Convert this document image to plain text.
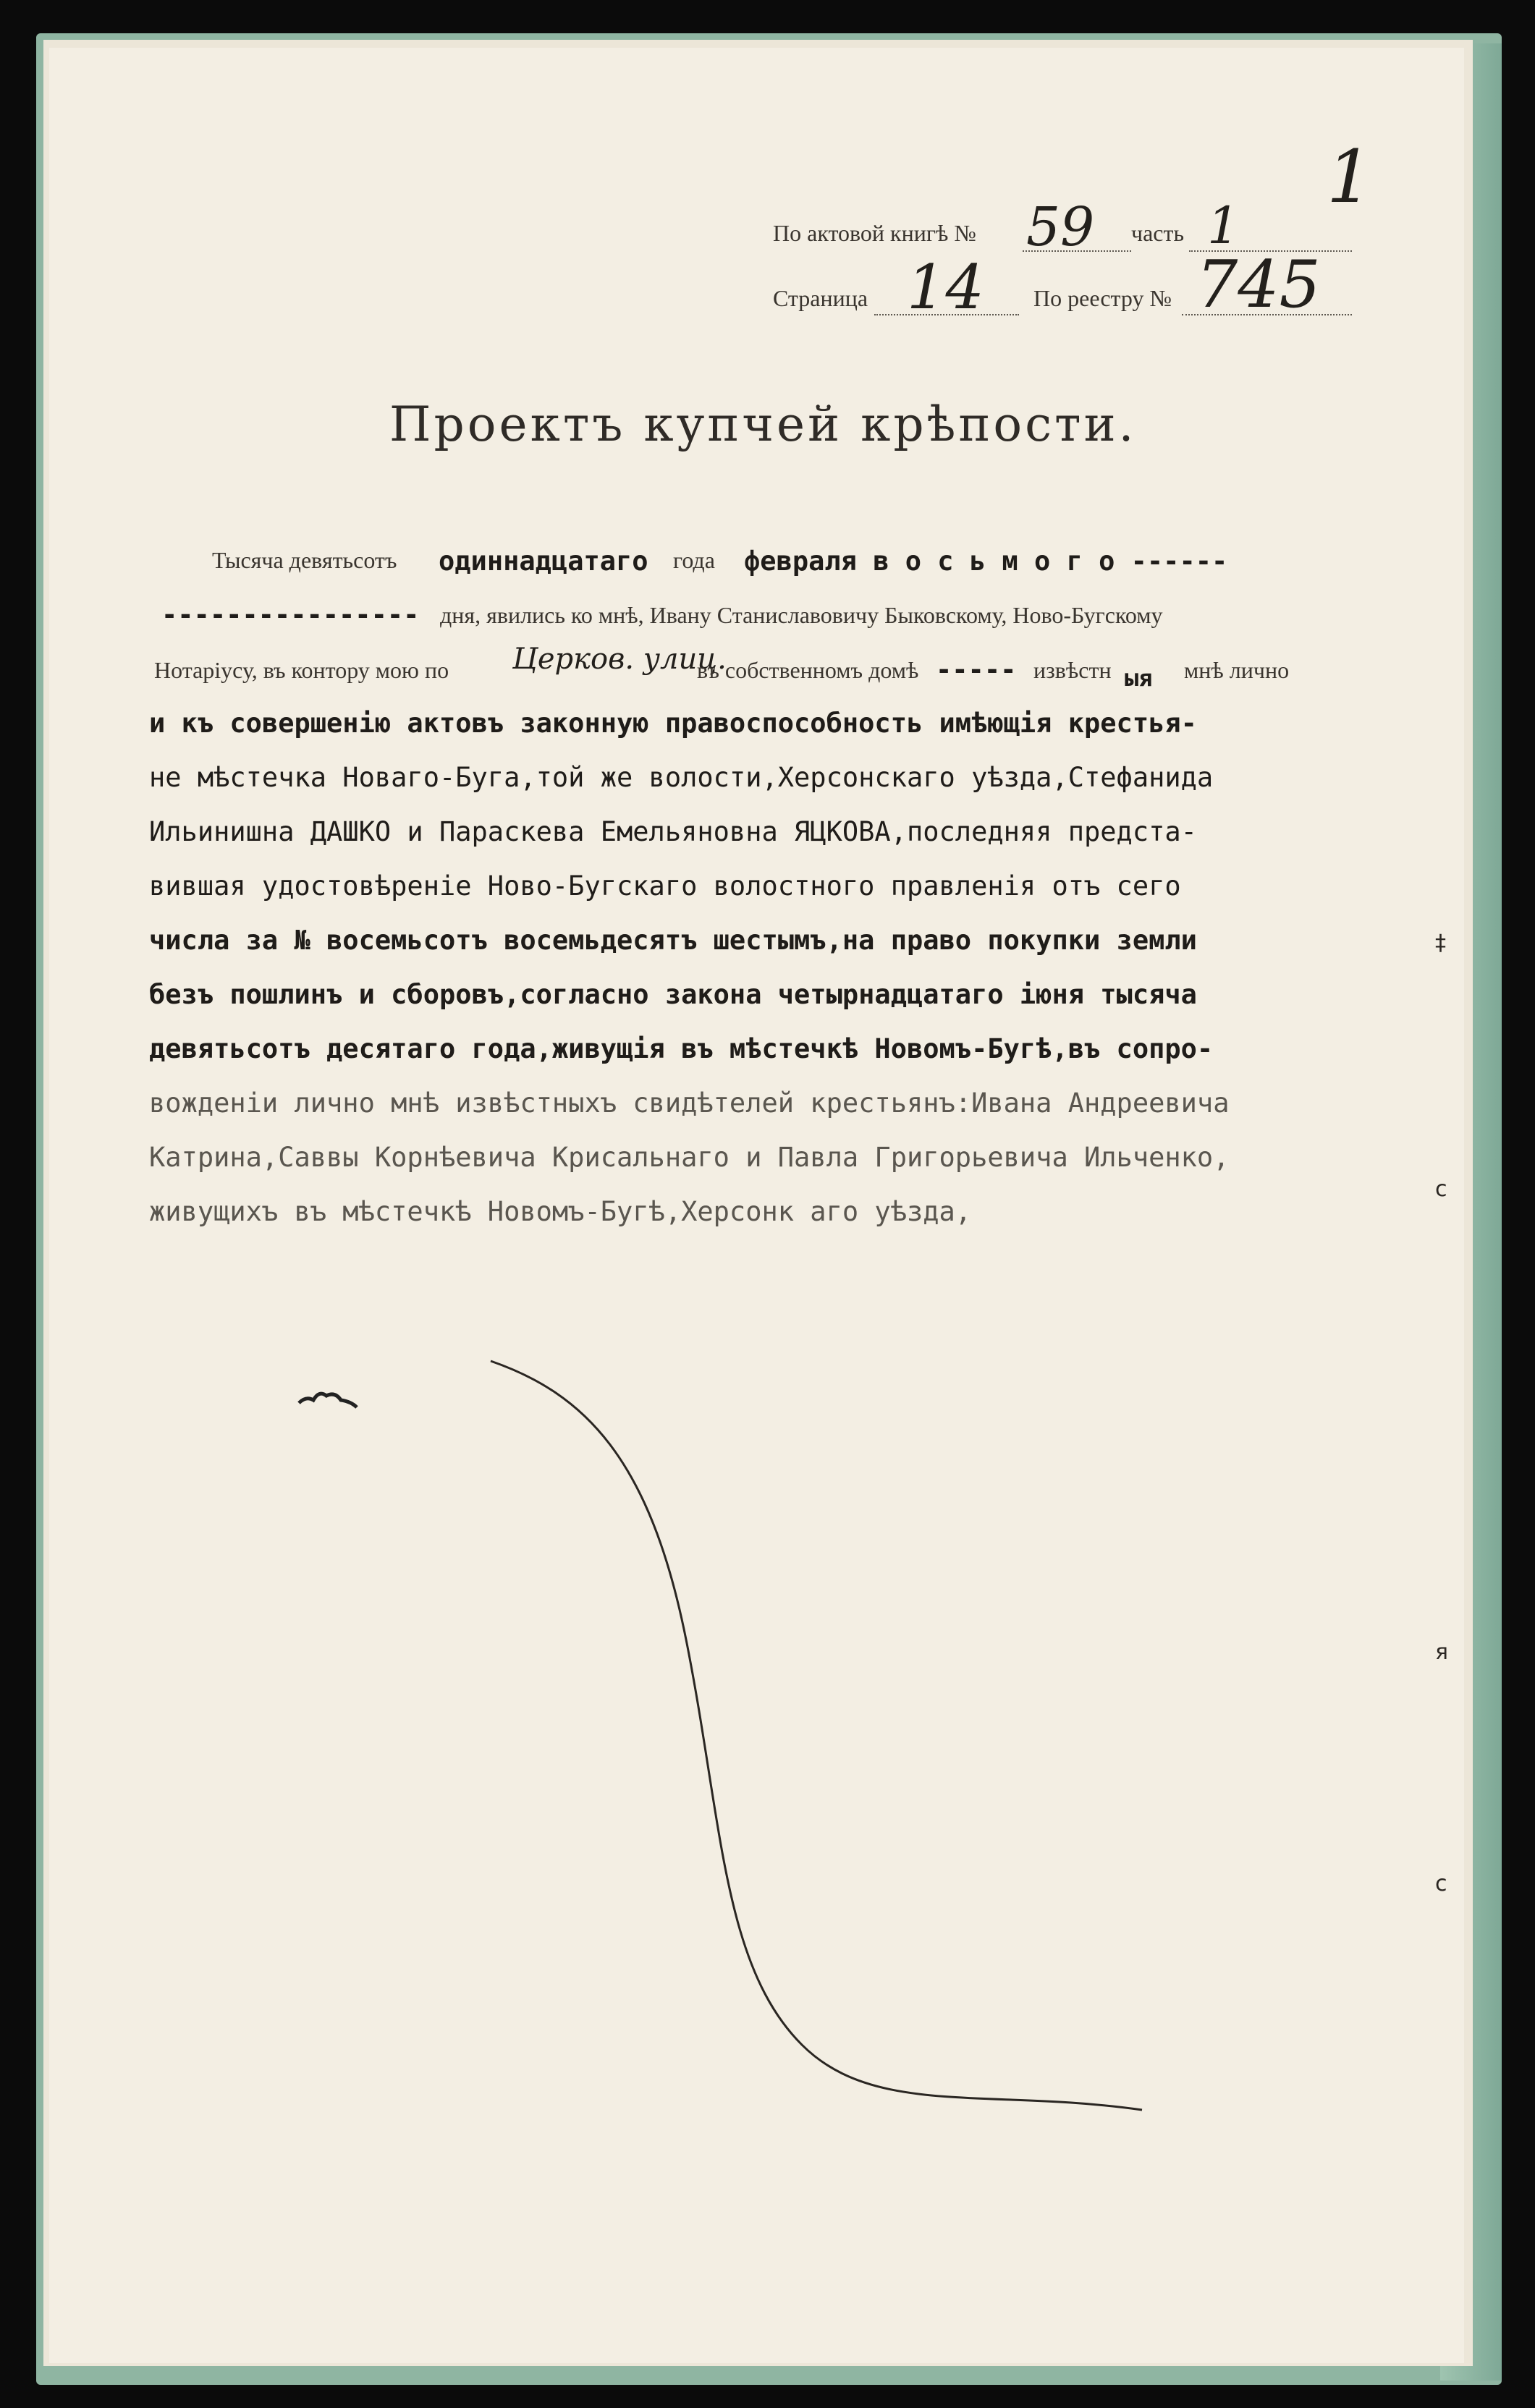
1
По актовой книгѣ № 59 часть 1
Страница 14 По реестру № 745
Проектъ купчей крѣпости.
Тысяча девятьсотъ одиннадцатаго года февраля в о с ь м о г о ------
---------------- дня, явились ко мнѣ, Ивану Станиславовичу Быковскому, Ново-Бугскому
Нотаріусу, въ контору мою по Церков. улиц.
въ собственномъ домѣ ----- извѣстн ыя мнѣ лично
и къ совершенію актовъ законную правоспособность имѣющія крестья-
не мѣстечка Новаго-Буга,той же волости,Херсонскаго уѣзда,Стефанида
Ильинишна ДАШКО и Параскева Емельяновна ЯЦКОВА,последняя предста-
вившая удостовѣреніе Ново-Бугскаго волостного правленія отъ сего
числа за № восемьсотъ восемьдесятъ шестымъ,на право покупки земли
безъ пошлинъ и сборовъ,согласно закона четырнадцатаго іюня тысяча
девятьсотъ десятаго года,живущія въ мѣстечкѣ Новомъ-Бугѣ,въ сопро-
вожденіи лично мнѣ извѣстныхъ свидѣтелей крестьянъ:Ивана Андреевича
Катрина,Саввы Корнѣевича Крисальнаго и Павла Григорьевича Ильченко,
живущихъ въ мѣстечкѣ Новомъ-Бугѣ,Херсонк аго уѣзда,
‡
с
я
с
